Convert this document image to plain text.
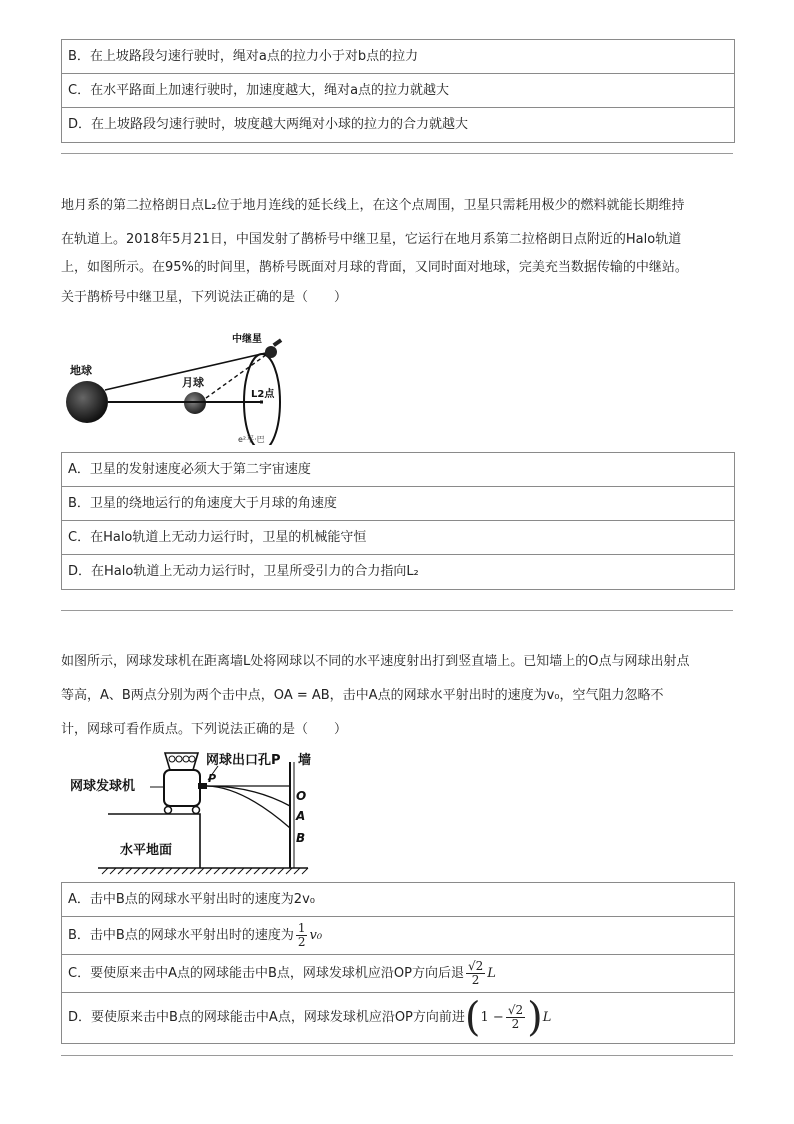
B．在上坡路段匀速行驶时，绳对a点的拉力小于对b点的拉力
C．在水平路面上加速行驶时，加速度越大，绳对a点的拉力就越大
D．在上坡路段匀速行驶时，坡度越大两绳对小球的拉力的合力就越大
地月系的第二拉格朗日点L₂位于地月连线的延长线上，在这个点周围，卫星只需耗用极少的燃料就能长期维持
在轨道上。2018年5月21日，中国发射了鹊桥号中继卫星，它运行在地月系第二拉格朗日点附近的Halo轨道
上，如图所示。在95%的时间里，鹊桥号既面对月球的背面，又同时面对地球，完美充当数据传输的中继站。
关于鹊桥号中继卫星，下列说法正确的是（　　）
地球
月球
中继星
L2点
e²平·巴
A．卫星的发射速度必须大于第二宇宙速度
B．卫星的绕地运行的角速度大于月球的角速度
C．在Halo轨道上无动力运行时，卫星的机械能守恒
D．在Halo轨道上无动力运行时，卫星所受引力的合力指向L₂
如图所示，网球发球机在距离墙L处将网球以不同的水平速度射出打到竖直墙上。已知墙上的O点与网球出射点
等高，A、B两点分别为两个击中点，OA = AB，击中A点的网球水平射出时的速度为v₀，空气阻力忽略不
计，网球可看作质点。下列说法正确的是（　　）
网球发球机
网球出口孔P 墙
水平地面
P
O
A
B
A．击中B点的网球水平射出时的速度为2v₀
B．击中B点的网球水平射出时的速度为 $\frac{1}{2} v_0$
C．要使原来击中A点的网球能击中B点，网球发球机应沿OP方向后退 $\frac{√2}{2}$ L
D．要使原来击中B点的网球能击中A点，网球发球机应沿OP方向前进$(1 - \frac{√2}{2} )L$
